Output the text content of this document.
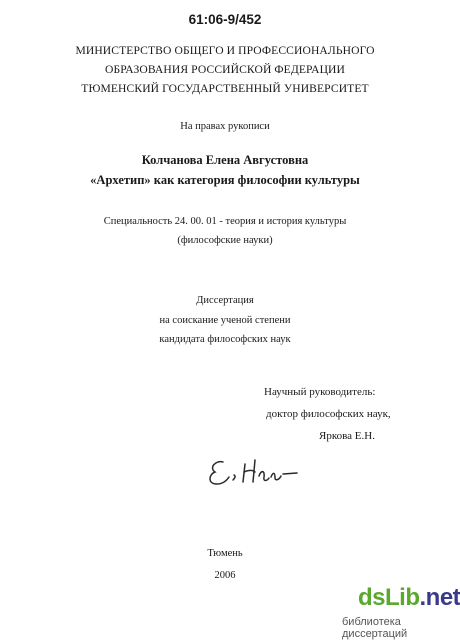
61:06-9/452
МИНИСТЕРСТВО ОБЩЕГО И ПРОФЕССИОНАЛЬНОГО
ОБРАЗОВАНИЯ РОССИЙСКОЙ ФЕДЕРАЦИИ
ТЮМЕНСКИЙ ГОСУДАРСТВЕННЫЙ УНИВЕРСИТЕТ
На правах рукописи
Колчанова Елена Августовна
«Архетип» как категория философии культуры
Специальность 24. 00. 01 - теория и история культуры
(философские науки)
Диссертация
на соискание ученой степени
кандидата философских наук
Научный руководитель:
доктор философских наук,
Яркова Е.Н.
Тюмень
2006
dsLib.net
библиотека диссертаций
